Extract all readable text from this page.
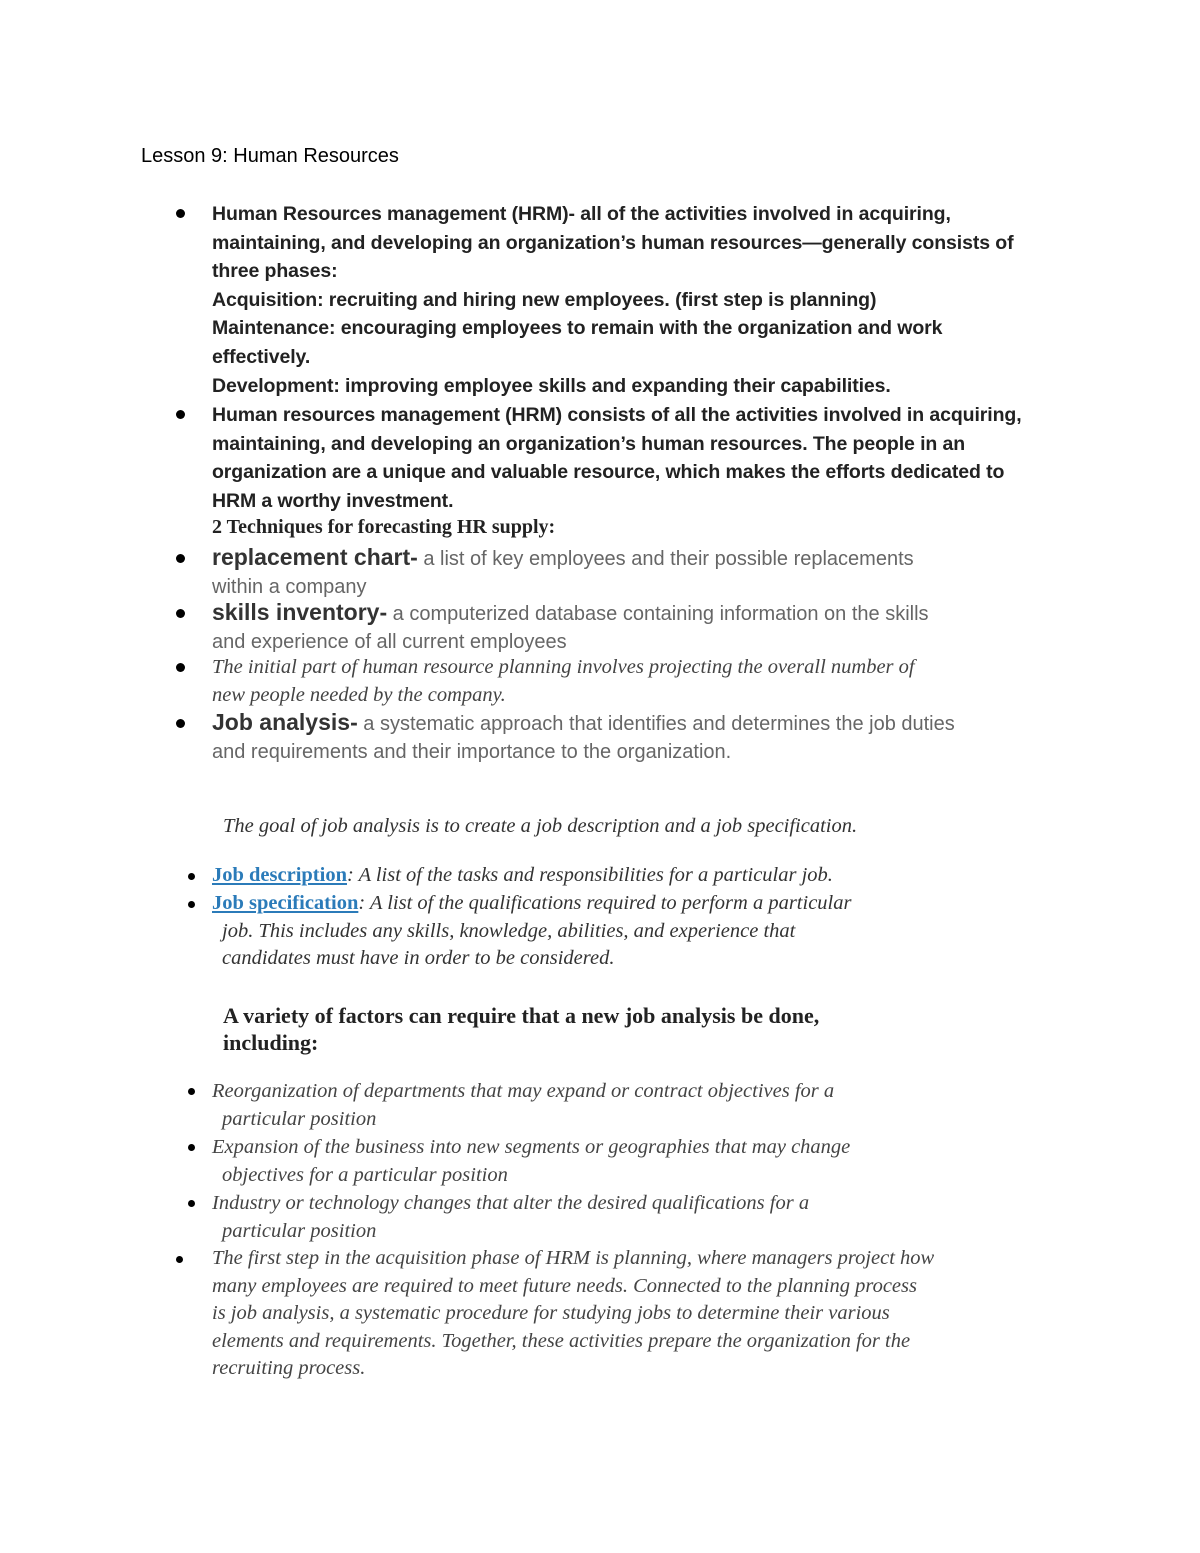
Lesson 9: Human Resources
Human Resources management (HRM)- all of the activities involved in acquiring,
maintaining, and developing an organization’s human resources—generally consists of
three phases:
Acquisition: recruiting and hiring new employees. (first step is planning)
Maintenance: encouraging employees to remain with the organization and work
effectively.
Development: improving employee skills and expanding their capabilities.
Human resources management (HRM) consists of all the activities involved in acquiring,
maintaining, and developing an organization’s human resources. The people in an
organization are a unique and valuable resource, which makes the efforts dedicated to
HRM a worthy investment.
2 Techniques for forecasting HR supply:
replacement chart- a list of key employees and their possible replacements
within a company
skills inventory- a computerized database containing information on the skills
and experience of all current employees
The initial part of human resource planning involves projecting the overall number of
new people needed by the company.
Job analysis- a systematic approach that identifies and determines the job duties
and requirements and their importance to the organization.
The goal of job analysis is to create a job description and a job specification.
Job description: A list of the tasks and responsibilities for a particular job.
Job specification: A list of the qualifications required to perform a particular
job. This includes any skills, knowledge, abilities, and experience that
candidates must have in order to be considered.
A variety of factors can require that a new job analysis be done,
including:
Reorganization of departments that may expand or contract objectives for a
particular position
Expansion of the business into new segments or geographies that may change
objectives for a particular position
Industry or technology changes that alter the desired qualifications for a
particular position
The first step in the acquisition phase of HRM is planning, where managers project how
many employees are required to meet future needs. Connected to the planning process
is job analysis, a systematic procedure for studying jobs to determine their various
elements and requirements. Together, these activities prepare the organization for the
recruiting process.
